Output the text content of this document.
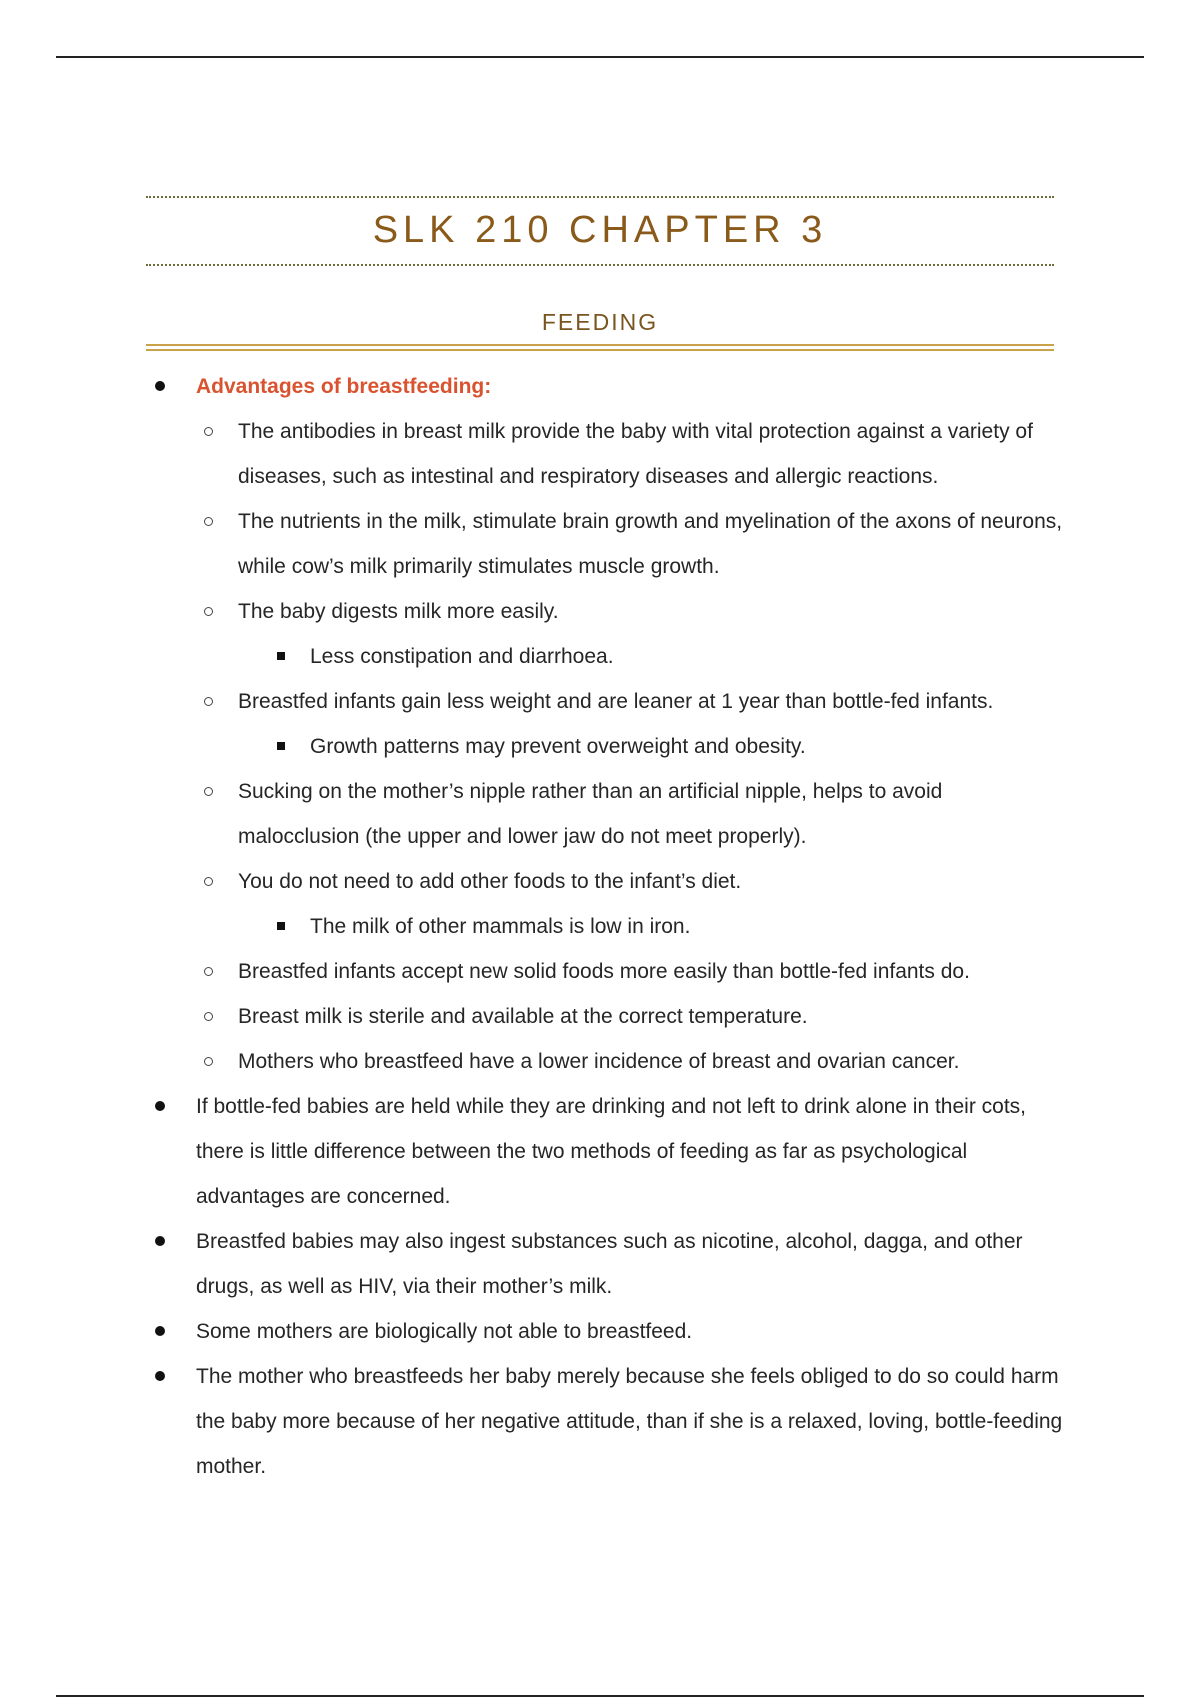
SLK 210 CHAPTER 3
FEEDING
Advantages of breastfeeding:
The antibodies in breast milk provide the baby with vital protection against a variety of diseases, such as intestinal and respiratory diseases and allergic reactions.
The nutrients in the milk, stimulate brain growth and myelination of the axons of neurons, while cow’s milk primarily stimulates muscle growth.
The baby digests milk more easily.
Less constipation and diarrhoea.
Breastfed infants gain less weight and are leaner at 1 year than bottle-fed infants.
Growth patterns may prevent overweight and obesity.
Sucking on the mother’s nipple rather than an artificial nipple, helps to avoid malocclusion (the upper and lower jaw do not meet properly).
You do not need to add other foods to the infant’s diet.
The milk of other mammals is low in iron.
Breastfed infants accept new solid foods more easily than bottle-fed infants do.
Breast milk is sterile and available at the correct temperature.
Mothers who breastfeed have a lower incidence of breast and ovarian cancer.
If bottle-fed babies are held while they are drinking and not left to drink alone in their cots, there is little difference between the two methods of feeding as far as psychological advantages are concerned.
Breastfed babies may also ingest substances such as nicotine, alcohol, dagga, and other drugs, as well as HIV, via their mother’s milk.
Some mothers are biologically not able to breastfeed.
The mother who breastfeeds her baby merely because she feels obliged to do so could harm the baby more because of her negative attitude, than if she is a relaxed, loving, bottle-feeding mother.
